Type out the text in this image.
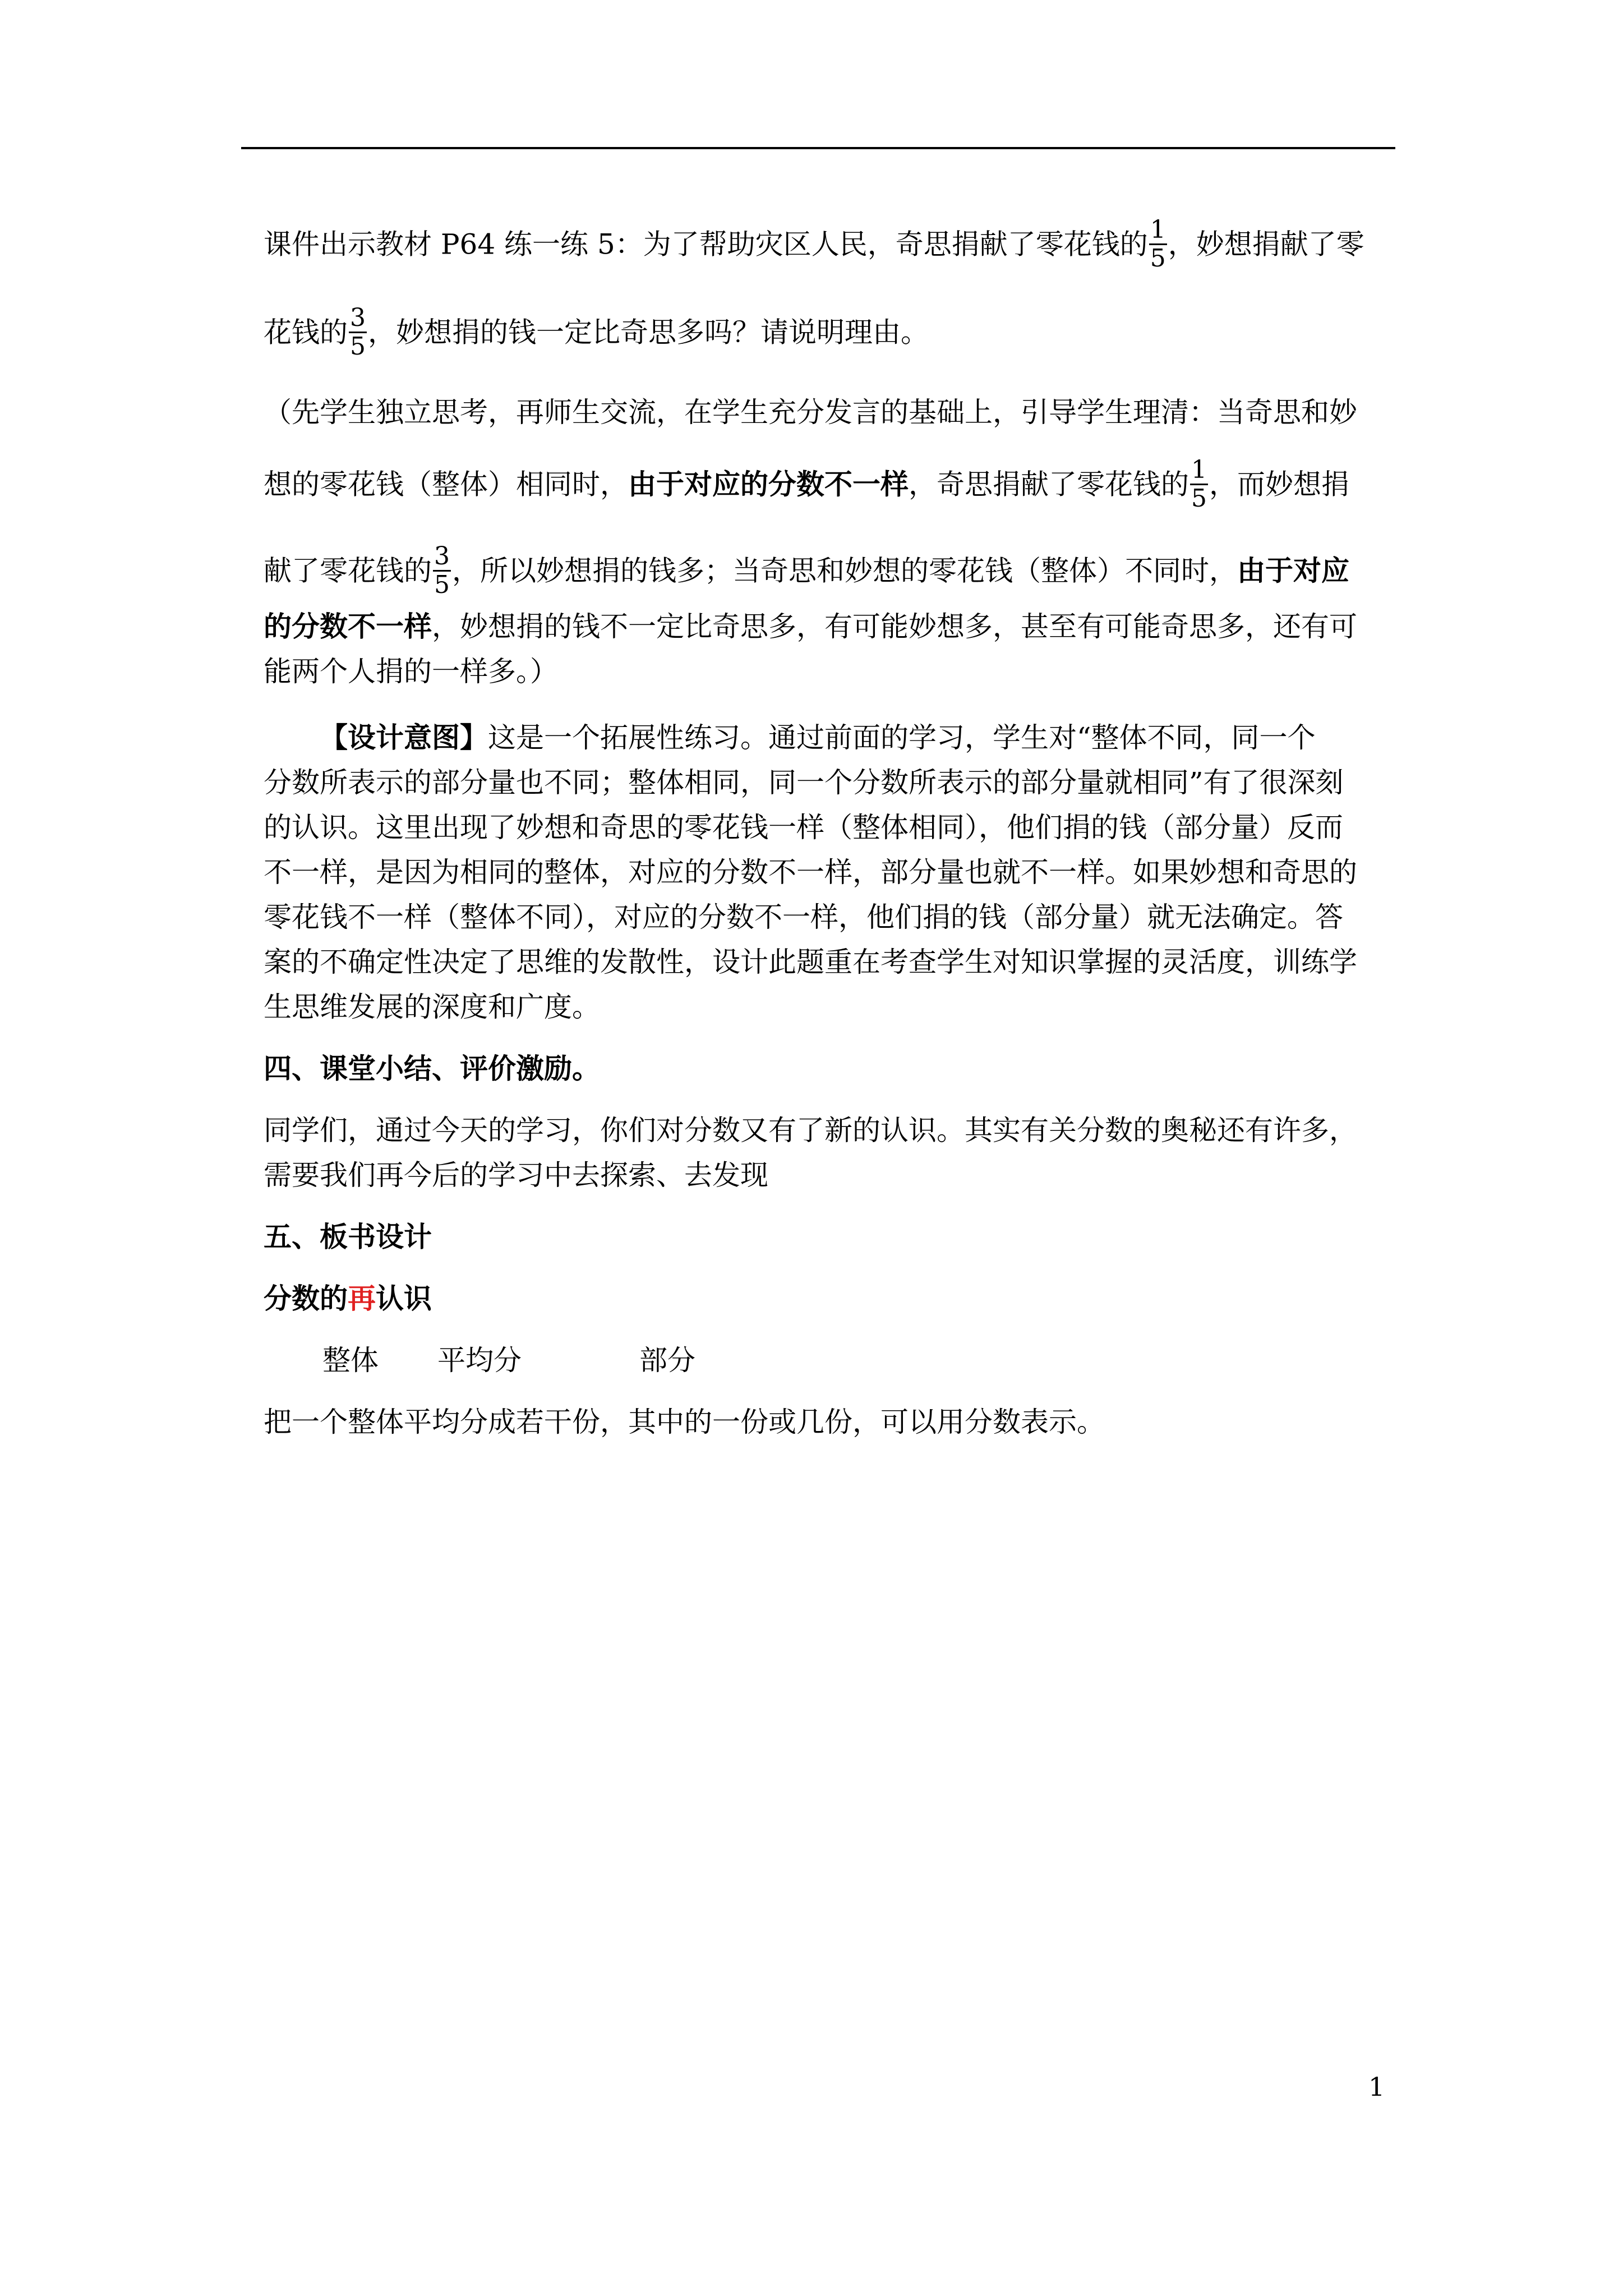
课件出示教材 P64 练一练 5：为了帮助灾区人民，奇思捐献了零花钱的 $\frac{1}{5}$ ，妙想捐献了零
花钱的 $\frac{3}{5}$ ，妙想捐的钱一定比奇思多吗？请说明理由。
（先学生独立思考，再师生交流，在学生充分发言的基础上，引导学生理清：当奇思和妙
想的零花钱（整体）相同时，由于对应的分数不一样，奇思捐献了零花钱的 $\frac{1}{5}$ ，而妙想捐
献了零花钱的 $\frac{3}{5}$ ，所以妙想捐的钱多；当奇思和妙想的零花钱（整体）不同时，由于对应
的分数不一样，妙想捐的钱不一定比奇思多，有可能妙想多，甚至有可能奇思多，还有可
能两个人捐的一样多。）
【设计意图】这是一个拓展性练习。通过前面的学习，学生对“整体不同，同一个
分数所表示的部分量也不同；整体相同，同一个分数所表示的部分量就相同”有了很深刻
的认识。这里出现了妙想和奇思的零花钱一样（整体相同），他们捐的钱（部分量）反而
不一样，是因为相同的整体，对应的分数不一样，部分量也就不一样。如果妙想和奇思的
零花钱不一样（整体不同），对应的分数不一样，他们捐的钱（部分量）就无法确定。答
案的不确定性决定了思维的发散性，设计此题重在考查学生对知识掌握的灵活度，训练学
生思维发展的深度和广度。
四、课堂小结、评价激励。
同学们，通过今天的学习，你们对分数又有了新的认识。其实有关分数的奥秘还有许多，
需要我们再今后的学习中去探索、去发现
五、板书设计
分数的再认识
整体 平均分	部分
把一个整体平均分成若干份，其中的一份或几份，可以用分数表示。
1
